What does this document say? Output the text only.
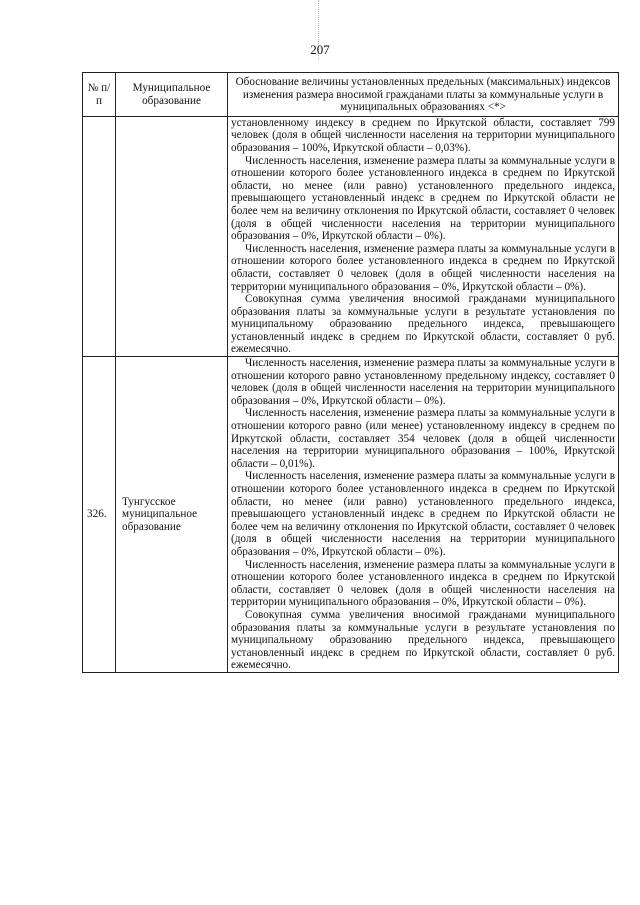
207
№ п/п	Муниципальное образование	Обоснование величины установленных предельных (максимальных) индексов изменения размера вносимой гражданами платы за коммунальные услуги в муниципальных образованиях <*>

		установленному индексу в среднем по Иркутской области, составляет 799 человек (доля в общей численности населения на территории муниципального образования – 100%, Иркутской области – 0,03%).

Численность населения, изменение размера платы за коммунальные услуги в отношении которого более установленного индекса в среднем по Иркутской области, но менее (или равно) установленного предельного индекса, превышающего установленный индекс в среднем по Иркутской области не более чем на величину отклонения по Иркутской области, составляет 0 человек (доля в общей численности населения на территории муниципального образования – 0%, Иркутской области – 0%).

Численность населения, изменение размера платы за коммунальные услуги в отношении которого более установленного индекса в среднем по Иркутской области, составляет 0 человек (доля в общей численности населения на территории муниципального образования – 0%, Иркутской области – 0%).

Совокупная сумма увеличения вносимой гражданами муниципального образования платы за коммунальные услуги в результате установления по муниципальному образованию предельного индекса, превышающего установленный индекс в среднем по Иркутской области, составляет 0 руб. ежемесячно.

326.	Тунгусское муниципальное образование	Численность населения, изменение размера платы за коммунальные услуги в отношении которого равно установленному предельному индексу, составляет 0 человек (доля в общей численности населения на территории муниципального образования – 0%, Иркутской области – 0%).

Численность населения, изменение размера платы за коммунальные услуги в отношении которого равно (или менее) установленному индексу в среднем по Иркутской области, составляет 354 человек (доля в общей численности населения на территории муниципального образования – 100%, Иркутской области – 0,01%).

Численность населения, изменение размера платы за коммунальные услуги в отношении которого более установленного индекса в среднем по Иркутской области, но менее (или равно) установленного предельного индекса, превышающего установленный индекс в среднем по Иркутской области не более чем на величину отклонения по Иркутской области, составляет 0 человек (доля в общей численности населения на территории муниципального образования – 0%, Иркутской области – 0%).

Численность населения, изменение размера платы за коммунальные услуги в отношении которого более установленного индекса в среднем по Иркутской области, составляет 0 человек (доля в общей численности населения на территории муниципального образования – 0%, Иркутской области – 0%).

Совокупная сумма увеличения вносимой гражданами муниципального образования платы за коммунальные услуги в результате установления по муниципальному образованию предельного индекса, превышающего установленный индекс в среднем по Иркутской области, составляет 0 руб. ежемесячно.
